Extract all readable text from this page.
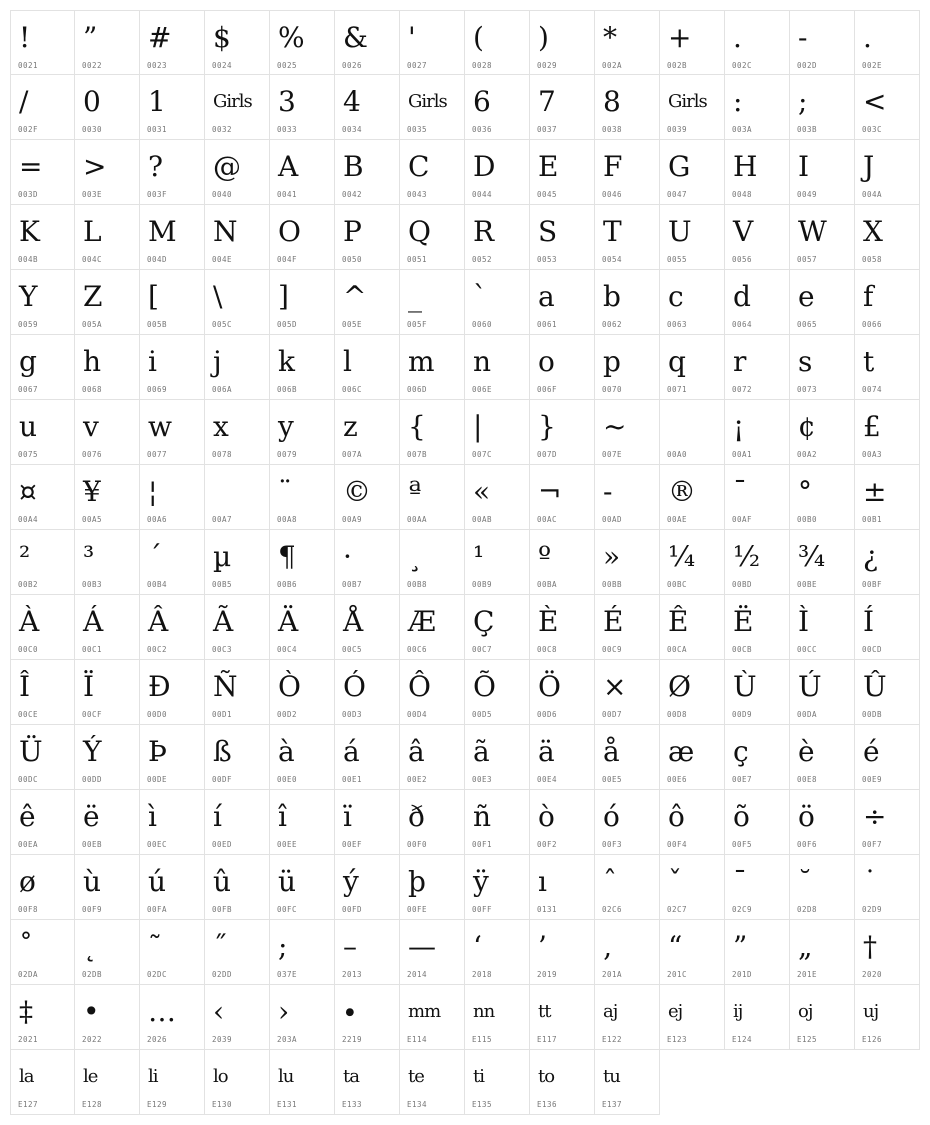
!
0021
”
0022
#
0023
$
0024
%
0025
&
0026
'
0027
(
0028
)
0029
*
002A
+
002B
.
002C
-
002D
.
002E
/
002F
0
0030
1
0031
Girls
0032
3
0033
4
0034
Girls
0035
6
0036
7
0037
8
0038
Girls
0039
:
003A
;
003B
<
003C
=
003D
>
003E
?
003F
@
0040
A
0041
B
0042
C
0043
D
0044
E
0045
F
0046
G
0047
H
0048
I
0049
J
004A
K
004B
L
004C
M
004D
N
004E
O
004F
P
0050
Q
0051
R
0052
S
0053
T
0054
U
0055
V
0056
W
0057
X
0058
Y
0059
Z
005A
[
005B
\
005C
]
005D
^
005E
_
005F
`
0060
a
0061
b
0062
c
0063
d
0064
e
0065
f
0066
g
0067
h
0068
i
0069
j
006A
k
006B
l
006C
m
006D
n
006E
o
006F
p
0070
q
0071
r
0072
s
0073
t
0074
u
0075
v
0076
w
0077
x
0078
y
0079
z
007A
{
007B
|
007C
}
007D
~
007E	00A0
¡
00A1
¢
00A2
£
00A3
¤
00A4
¥
00A5
¦
00A6	00A7
¨
00A8
©
00A9
ª
00AA
«
00AB
¬
00AC
-
00AD
®
00AE
¯
00AF
°
00B0
±
00B1
²
00B2
³
00B3
´
00B4
µ
00B5
¶
00B6
·
00B7
¸
00B8
¹
00B9
º
00BA
»
00BB
¼
00BC
½
00BD
¾
00BE
¿
00BF
À
00C0
Á
00C1
Â
00C2
Ã
00C3
Ä
00C4
Å
00C5
Æ
00C6
Ç
00C7
È
00C8
É
00C9
Ê
00CA
Ë
00CB
Ì
00CC
Í
00CD
Î
00CE
Ï
00CF
Ð
00D0
Ñ
00D1
Ò
00D2
Ó
00D3
Ô
00D4
Õ
00D5
Ö
00D6
×
00D7
Ø
00D8
Ù
00D9
Ú
00DA
Û
00DB
Ü
00DC
Ý
00DD
Þ
00DE
ß
00DF
à
00E0
á
00E1
â
00E2
ã
00E3
ä
00E4
å
00E5
æ
00E6
ç
00E7
è
00E8
é
00E9
ê
00EA
ë
00EB
ì
00EC
í
00ED
î
00EE
ï
00EF
ð
00F0
ñ
00F1
ò
00F2
ó
00F3
ô
00F4
õ
00F5
ö
00F6
÷
00F7
ø
00F8
ù
00F9
ú
00FA
û
00FB
ü
00FC
ý
00FD
þ
00FE
ÿ
00FF
ı
0131
ˆ
02C6
ˇ
02C7
ˉ
02C9
˘
02D8
˙
02D9
˚
02DA
˛
02DB
˜
02DC
˝
02DD
;
037E
–
2013
—
2014
‘
2018
’
2019
‚
201A
“
201C
”
201D
„
201E
†
2020
‡
2021
•
2022
…
2026
‹
2039
›
203A
∙
2219
mm
E114
nn
E115
tt
E117
aj
E122
ej
E123
ij
E124
oj
E125
uj
E126
la
E127
le
E128
li
E129
lo
E130
lu
E131
ta
E133
te
E134
ti
E135
to
E136
tu
E137
